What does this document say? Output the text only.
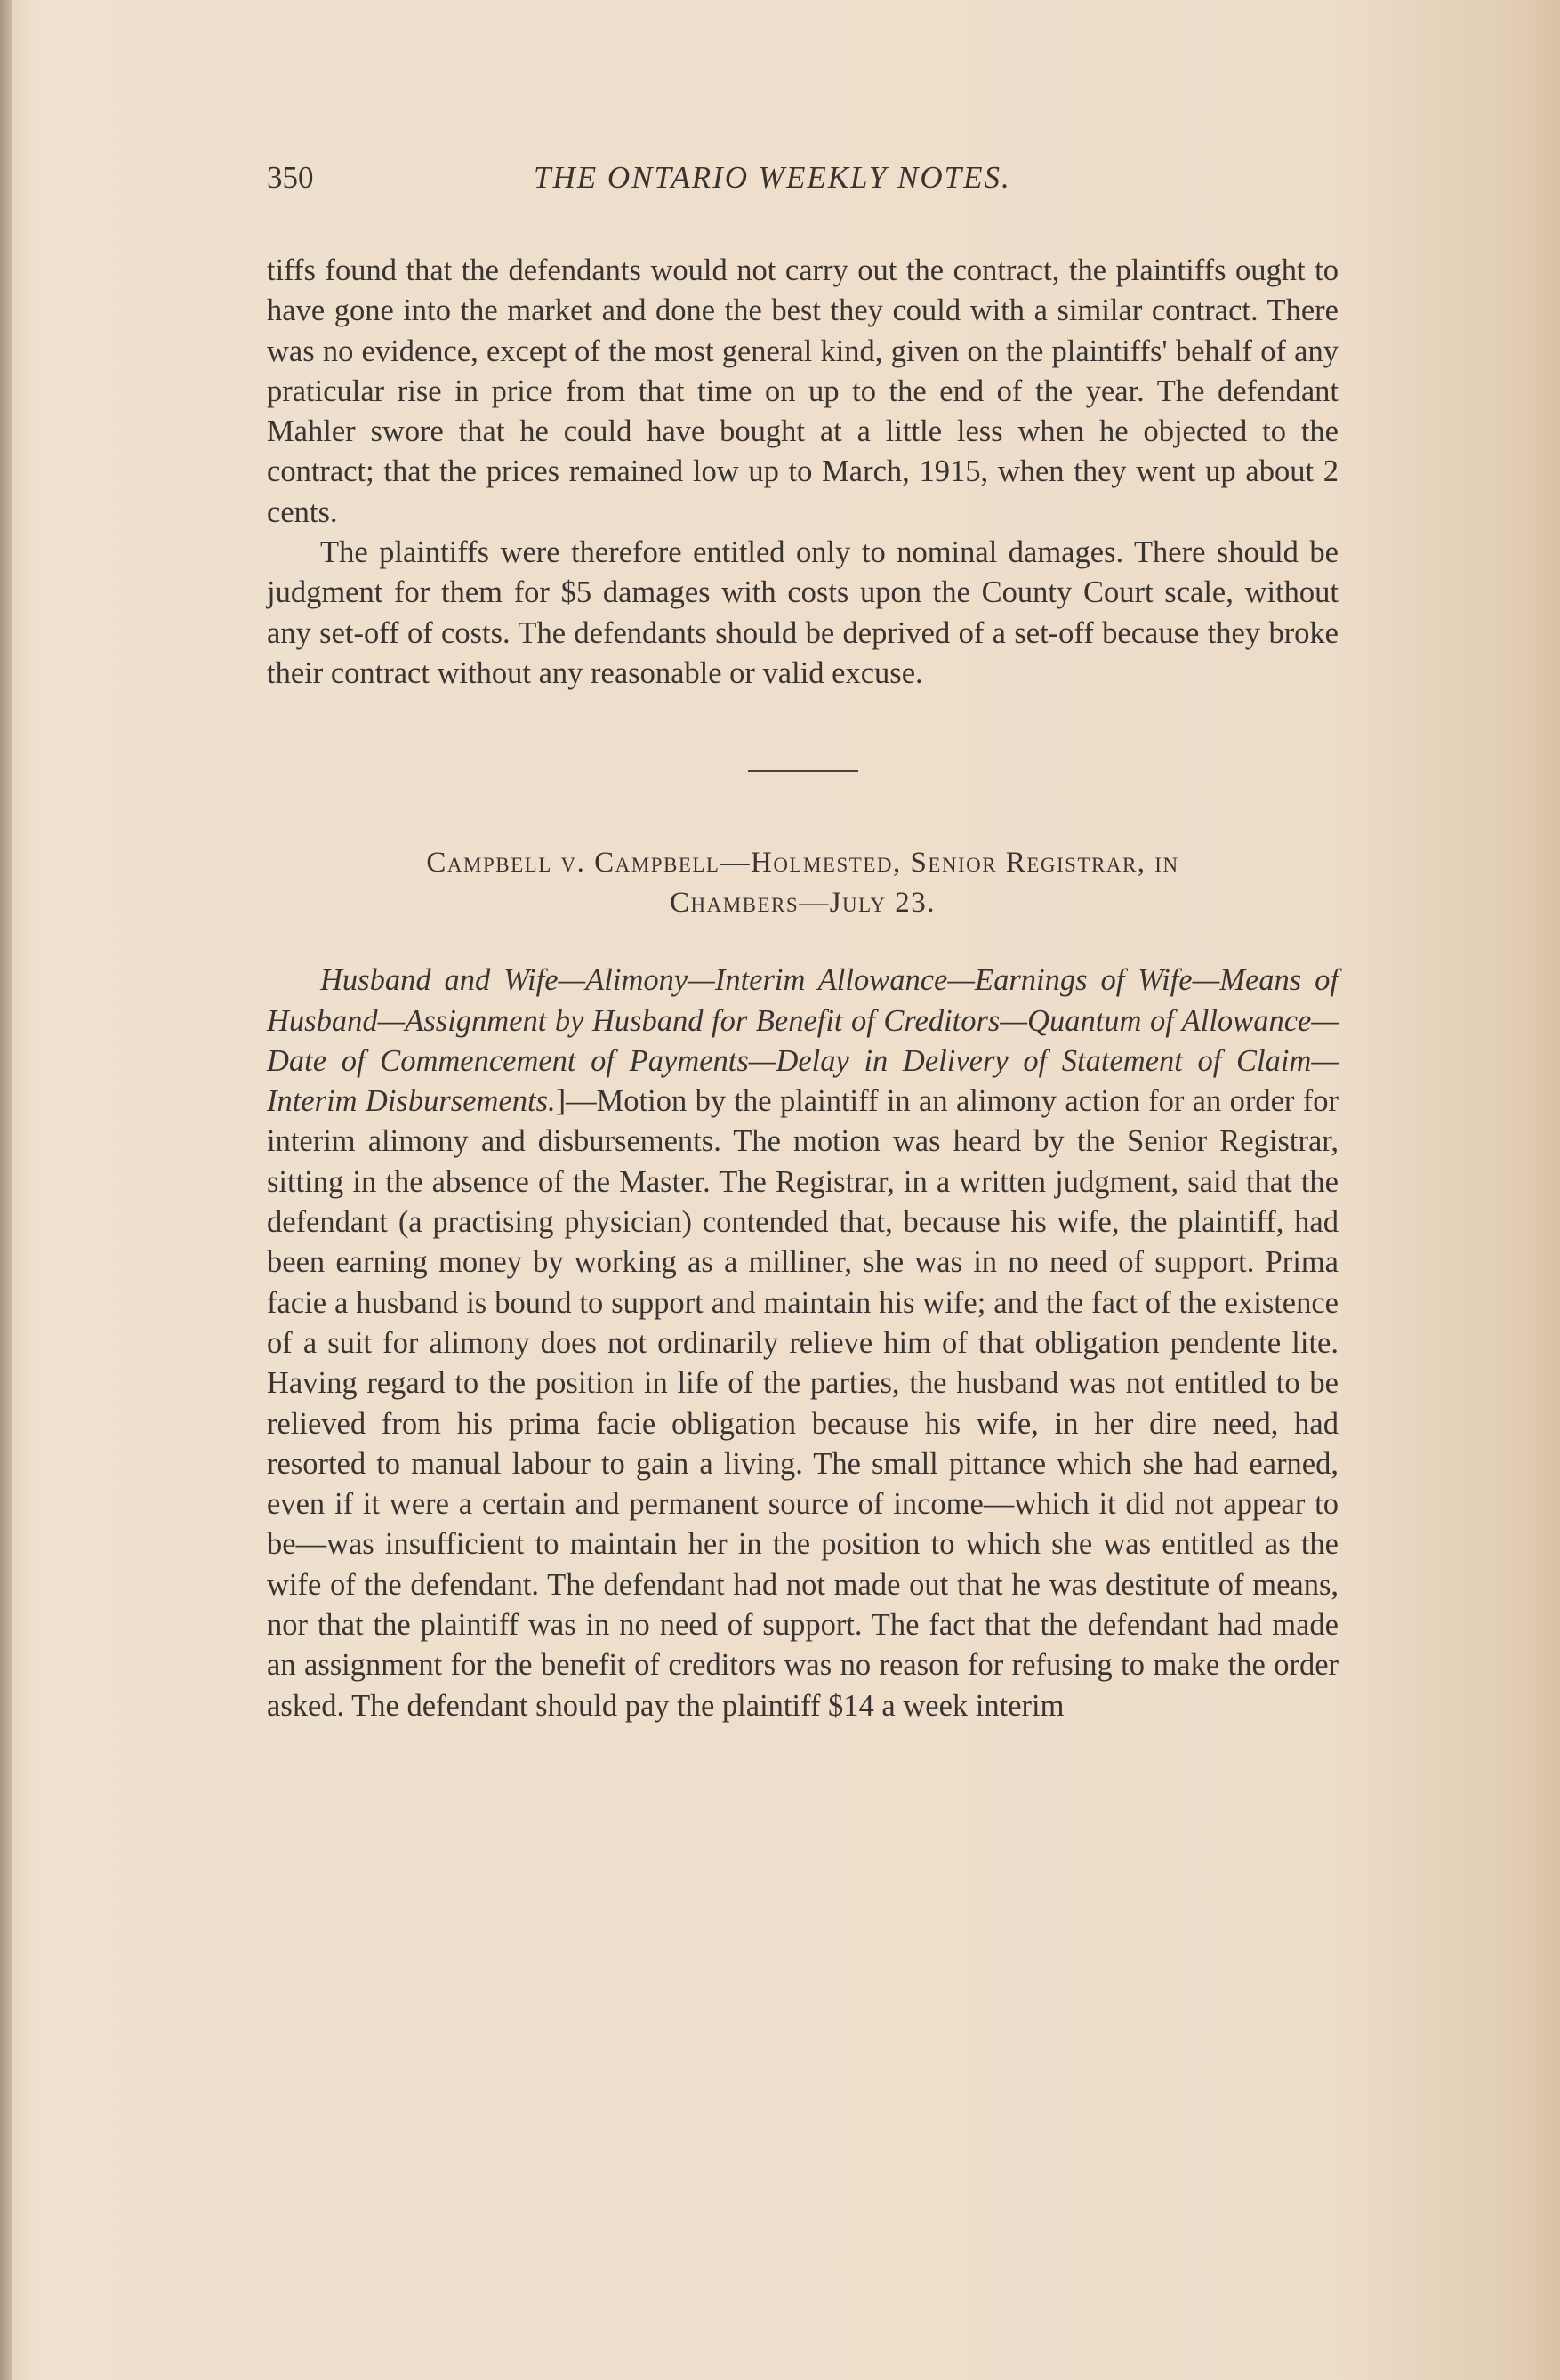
350	THE ONTARIO WEEKLY NOTES.

tiffs found that the defendants would not carry out the contract, the plaintiffs ought to have gone into the market and done the best they could with a similar contract. There was no evidence, except of the most general kind, given on the plaintiffs' behalf of any praticular rise in price from that time on up to the end of the year. The defendant Mahler swore that he could have bought at a little less when he objected to the contract; that the prices remained low up to March, 1915, when they went up about 2 cents.

The plaintiffs were therefore entitled only to nominal damages. There should be judgment for them for $5 damages with costs upon the County Court scale, without any set-off of costs. The defendants should be deprived of a set-off because they broke their contract without any reasonable or valid excuse.

Campbell v. Campbell—Holmested, Senior Registrar, in
Chambers—July 23.

Husband and Wife—Alimony—Interim Allowance—Earnings of Wife—Means of Husband—Assignment by Husband for Benefit of Creditors—Quantum of Allowance—Date of Commencement of Payments—Delay in Delivery of Statement of Claim—Interim Disbursements.]—Motion by the plaintiff in an alimony action for an order for interim alimony and disbursements. The motion was heard by the Senior Registrar, sitting in the absence of the Master. The Registrar, in a written judgment, said that the defendant (a practising physician) contended that, because his wife, the plaintiff, had been earning money by working as a milliner, she was in no need of support. Prima facie a husband is bound to support and maintain his wife; and the fact of the existence of a suit for alimony does not ordinarily relieve him of that obligation pendente lite. Having regard to the position in life of the parties, the husband was not entitled to be relieved from his prima facie obligation because his wife, in her dire need, had resorted to manual labour to gain a living. The small pittance which she had earned, even if it were a certain and permanent source of income—which it did not appear to be—was insufficient to maintain her in the position to which she was entitled as the wife of the defendant. The defendant had not made out that he was destitute of means, nor that the plaintiff was in no need of support. The fact that the defendant had made an assignment for the benefit of creditors was no reason for refusing to make the order asked. The defendant should pay the plaintiff $14 a week interim
